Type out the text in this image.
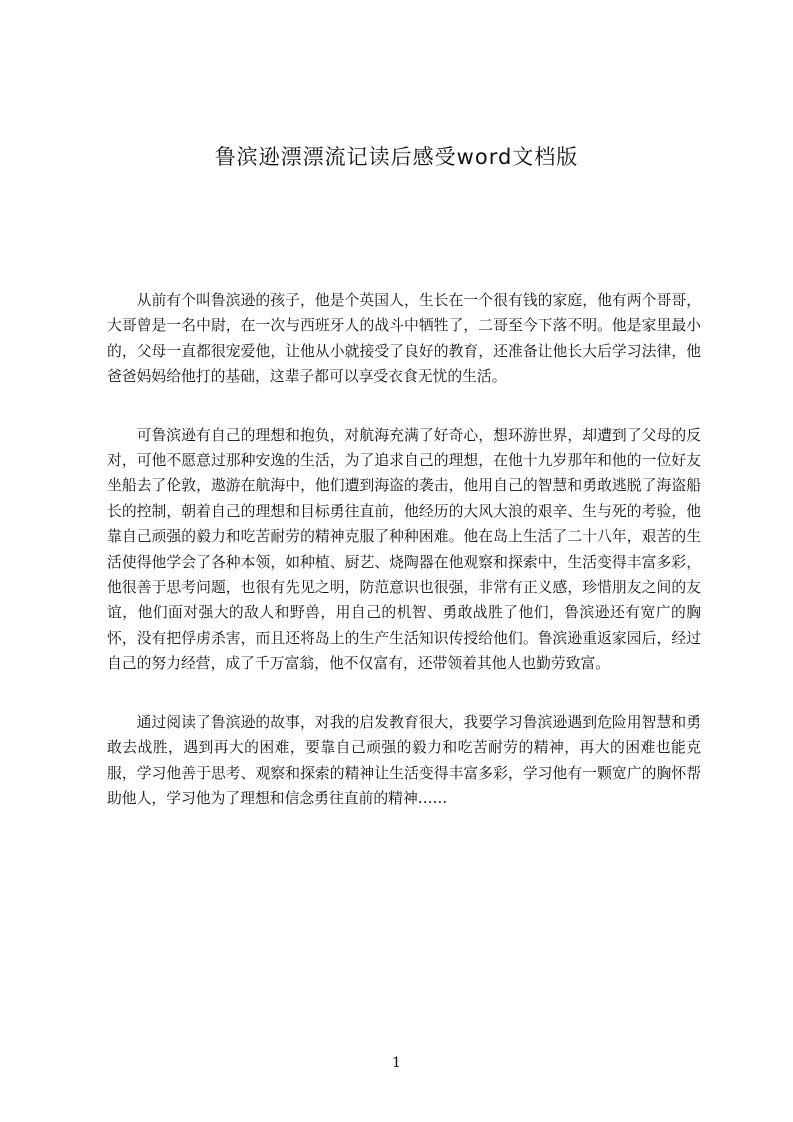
鲁滨逊漂漂流记读后感受word文档版

从前有个叫鲁滨逊的孩子，他是个英国人，生长在一个很有钱的家庭，他有两个哥哥，大哥曾是一名中尉，在一次与西班牙人的战斗中牺牲了，二哥至今下落不明。他是家里最小的，父母一直都很宠爱他，让他从小就接受了良好的教育，还准备让他长大后学习法律，他爸爸妈妈给他打的基础，这辈子都可以享受衣食无忧的生活。

可鲁滨逊有自己的理想和抱负，对航海充满了好奇心，想环游世界，却遭到了父母的反对，可他不愿意过那种安逸的生活，为了追求自己的理想，在他十九岁那年和他的一位好友坐船去了伦敦，遨游在航海中，他们遭到海盗的袭击，他用自己的智慧和勇敢逃脱了海盗船长的控制，朝着自己的理想和目标勇往直前，他经历的大风大浪的艰辛、生与死的考验，他靠自己顽强的毅力和吃苦耐劳的精神克服了种种困难。他在岛上生活了二十八年，艰苦的生活使得他学会了各种本领，如种植、厨艺、烧陶器在他观察和探索中，生活变得丰富多彩，他很善于思考问题，也很有先见之明，防范意识也很强，非常有正义感，珍惜朋友之间的友谊，他们面对强大的敌人和野兽，用自己的机智、勇敢战胜了他们，鲁滨逊还有宽广的胸怀，没有把俘虏杀害，而且还将岛上的生产生活知识传授给他们。鲁滨逊重返家园后，经过自己的努力经营，成了千万富翁，他不仅富有，还带领着其他人也勤劳致富。

通过阅读了鲁滨逊的故事，对我的启发教育很大，我要学习鲁滨逊遇到危险用智慧和勇敢去战胜，遇到再大的困难，要靠自己顽强的毅力和吃苦耐劳的精神，再大的困难也能克服，学习他善于思考、观察和探索的精神让生活变得丰富多彩，学习他有一颗宽广的胸怀帮助他人，学习他为了理想和信念勇往直前的精神……

1
